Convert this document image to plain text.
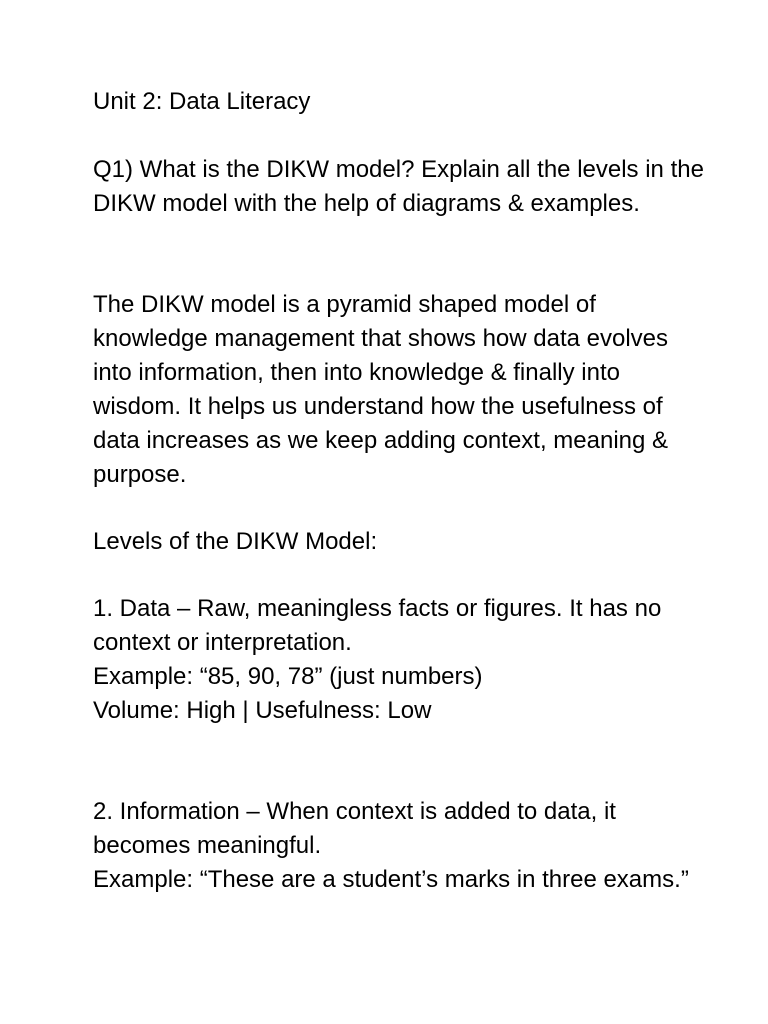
Unit 2: Data Literacy

Q1) What is the DIKW model? Explain all the levels in the DIKW model with the help of diagrams & examples.

The DIKW model is a pyramid shaped model of knowledge management that shows how data evolves into information, then into knowledge & finally into wisdom. It helps us understand how the usefulness of data increases as we keep adding context, meaning & purpose.

Levels of the DIKW Model:

1. Data – Raw, meaningless facts or figures. It has no context or interpretation.

Example: “85, 90, 78” (just numbers)

Volume: High | Usefulness: Low

2. Information – When context is added to data, it becomes meaningful.

Example: “These are a student’s marks in three exams.”
